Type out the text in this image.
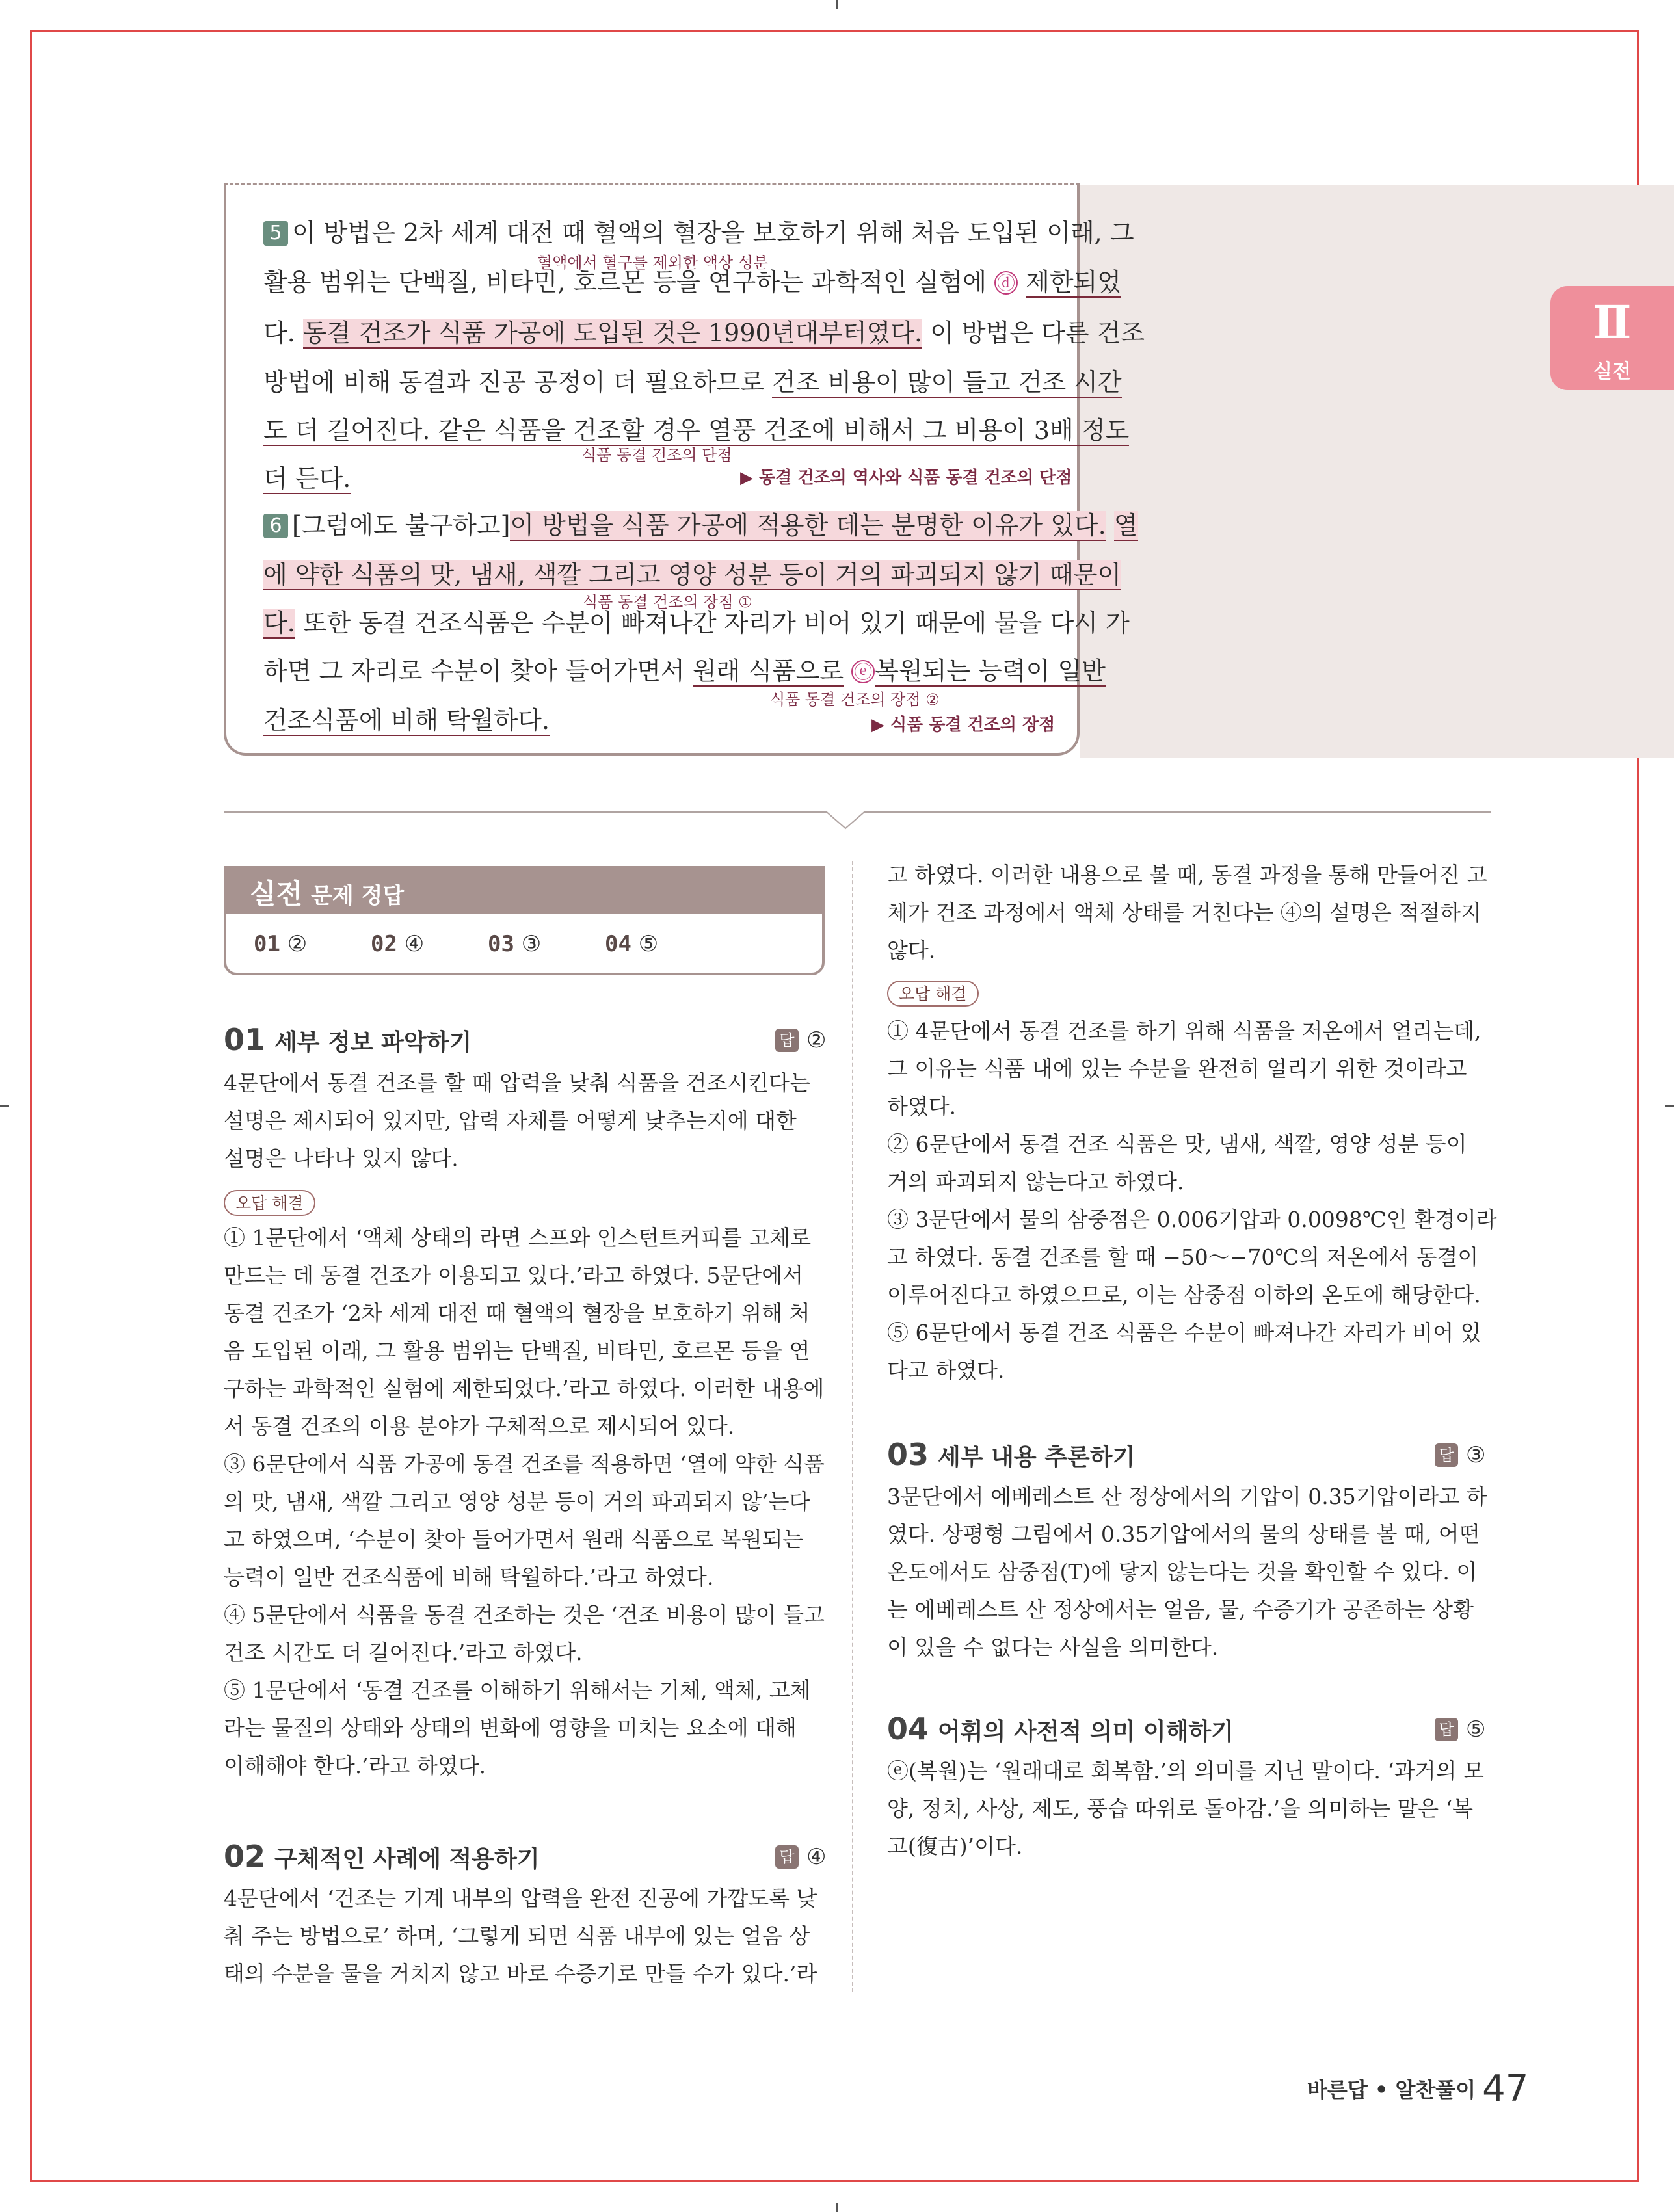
Ⅱ
실전
혈액에서 혈구를 제외한 액상 성분
식품 동결 건조의 단점
식품 동결 건조의 장점 ①
식품 동결 건조의 장점 ②
5 이 방법은 2차 세계 대전 때 혈액의 혈장을 보호하기 위해 처음 도입된 이래, 그
활용 범위는 단백질, 비타민, 호르몬 등을 연구하는 과학적인 실험에 ⓓ 제한되었
다. 동결 건조가 식품 가공에 도입된 것은 1990년대부터였다. 이 방법은 다른 건조
방법에 비해 동결과 진공 공정이 더 필요하므로 건조 비용이 많이 들고 건조 시간
도 더 길어진다. 같은 식품을 건조할 경우 열풍 건조에 비해서 그 비용이 3배 정도
더 든다.	▶ 동결 건조의 역사와 식품 동결 건조의 단점
6 [그럼에도 불구하고]이 방법을 식품 가공에 적용한 데는 분명한 이유가 있다. 열
에 약한 식품의 맛, 냄새, 색깔 그리고 영양 성분 등이 거의 파괴되지 않기 때문이
다. 또한 동결 건조식품은 수분이 빠져나간 자리가 비어 있기 때문에 물을 다시 가
하면 그 자리로 수분이 찾아 들어가면서 원래 식품으로 ⓔ 복원되는 능력이 일반
건조식품에 비해 탁월하다.	▶ 식품 동결 건조의 장점
실전 문제 정답
01 ②	02 ④	03 ③	04 ⑤
01 세부 정보 파악하기	답 ②
4문단에서 동결 건조를 할 때 압력을 낮춰 식품을 건조시킨다는
설명은 제시되어 있지만, 압력 자체를 어떻게 낮추는지에 대한
설명은 나타나 있지 않다.
오답 해결
① 1문단에서 ‘액체 상태의 라면 스프와 인스턴트커피를 고체로
만드는 데 동결 건조가 이용되고 있다.’라고 하였다. 5문단에서
동결 건조가 ‘2차 세계 대전 때 혈액의 혈장을 보호하기 위해 처
음 도입된 이래, 그 활용 범위는 단백질, 비타민, 호르몬 등을 연
구하는 과학적인 실험에 제한되었다.’라고 하였다. 이러한 내용에
서 동결 건조의 이용 분야가 구체적으로 제시되어 있다.
③ 6문단에서 식품 가공에 동결 건조를 적용하면 ‘열에 약한 식품
의 맛, 냄새, 색깔 그리고 영양 성분 등이 거의 파괴되지 않’는다
고 하였으며, ‘수분이 찾아 들어가면서 원래 식품으로 복원되는
능력이 일반 건조식품에 비해 탁월하다.’라고 하였다.
④ 5문단에서 식품을 동결 건조하는 것은 ‘건조 비용이 많이 들고
건조 시간도 더 길어진다.’라고 하였다.
⑤ 1문단에서 ‘동결 건조를 이해하기 위해서는 기체, 액체, 고체
라는 물질의 상태와 상태의 변화에 영향을 미치는 요소에 대해
이해해야 한다.’라고 하였다.
02 구체적인 사례에 적용하기	답 ④
4문단에서 ‘건조는 기계 내부의 압력을 완전 진공에 가깝도록 낮
춰 주는 방법으로’ 하며, ‘그렇게 되면 식품 내부에 있는 얼음 상
태의 수분을 물을 거치지 않고 바로 수증기로 만들 수가 있다.’라
고 하였다. 이러한 내용으로 볼 때, 동결 과정을 통해 만들어진 고
체가 건조 과정에서 액체 상태를 거친다는 ④의 설명은 적절하지
않다.
오답 해결
① 4문단에서 동결 건조를 하기 위해 식품을 저온에서 얼리는데,
그 이유는 식품 내에 있는 수분을 완전히 얼리기 위한 것이라고
하였다.
② 6문단에서 동결 건조 식품은 맛, 냄새, 색깔, 영양 성분 등이
거의 파괴되지 않는다고 하였다.
③ 3문단에서 물의 삼중점은 0.006기압과 0.0098℃인 환경이라
고 하였다. 동결 건조를 할 때 −50～−70℃의 저온에서 동결이
이루어진다고 하였으므로, 이는 삼중점 이하의 온도에 해당한다.
⑤ 6문단에서 동결 건조 식품은 수분이 빠져나간 자리가 비어 있
다고 하였다.
03 세부 내용 추론하기	답 ③
3문단에서 에베레스트 산 정상에서의 기압이 0.35기압이라고 하
였다. 상평형 그림에서 0.35기압에서의 물의 상태를 볼 때, 어떤
온도에서도 삼중점(T)에 닿지 않는다는 것을 확인할 수 있다. 이
는 에베레스트 산 정상에서는 얼음, 물, 수증기가 공존하는 상황
이 있을 수 없다는 사실을 의미한다.
04 어휘의 사전적 의미 이해하기	답 ⑤
ⓔ(복원)는 ‘원래대로 회복함.’의 의미를 지닌 말이다. ‘과거의 모
양, 정치, 사상, 제도, 풍습 따위로 돌아감.’을 의미하는 말은 ‘복
고(復古)’이다.
바른답 • 알찬풀이 47
